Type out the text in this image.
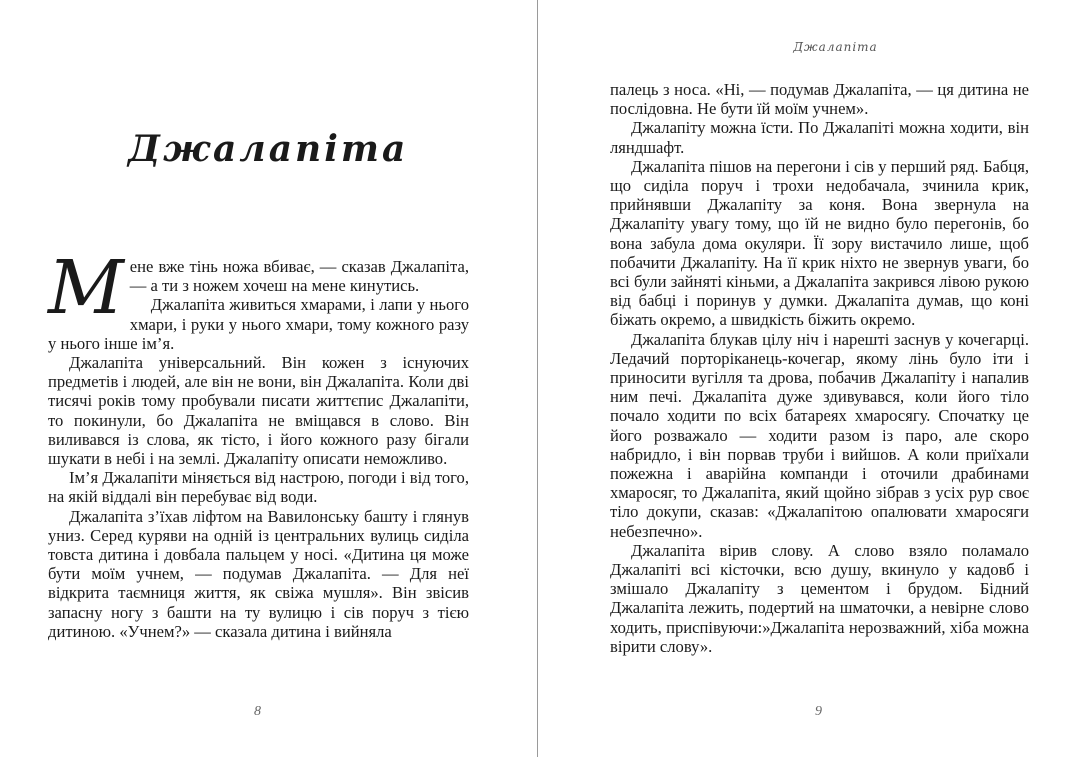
Джалапіта

Мене вже тінь ножа вбиває, — сказав Джалапіта, — а ти з ножем хочеш на мене кинутись.

Джалапіта живиться хмарами, і лапи у нього хмари, і руки у нього хмари, тому кожного разу у нього інше ім’я.

Джалапіта універсальний. Він кожен з існуючих предметів і людей, але він не вони, він Джалапіта. Коли дві тисячі років тому пробували писати життєпис Джалапіти, то покинули, бо Джалапіта не вміщався в слово. Він виливався із слова, як тісто, і його кожного разу бігали шукати в небі і на землі. Джалапіту описати неможливо.

Ім’я Джалапіти міняється від настрою, погоди і від того, на якій віддалі він перебуває від води.

Джалапіта з’їхав ліфтом на Вавилонську башту і глянув униз. Серед куряви на одній із центральних вулиць сиділа товста дитина і довбала пальцем у носі. «Дитина ця може бути моїм учнем, — подумав Джалапіта. — Для неї відкрита таємниця життя, як свіжа мушля». Він звісив запасну ногу з башти на ту вулицю і сів поруч з тією дитиною. «Учнем?» — сказала дитина і вийняла

8
Джалапіта

палець з носа. «Ні, — подумав Джалапіта, — ця дитина не послідовна. Не бути їй моїм учнем».

Джалапіту можна їсти. По Джалапіті можна ходити, він ляндшафт.

Джалапіта пішов на перегони і сів у перший ряд. Бабця, що сиділа поруч і трохи недобачала, зчинила крик, прийнявши Джалапіту за коня. Вона звернула на Джалапіту увагу тому, що їй не видно було перегонів, бо вона забула дома окуляри. Її зору вистачило лише, щоб побачити Джалапіту. На її крик ніхто не звернув уваги, бо всі були зайняті кіньми, а Джалапіта закрився лівою рукою від бабці і поринув у думки. Джалапіта думав, що коні біжать окремо, а швидкість біжить окремо.

Джалапіта блукав цілу ніч і нарешті заснув у кочегарці. Ледачий порторіканець-кочегар, якому лінь було іти і приносити вугілля та дрова, побачив Джалапіту і напалив ним печі. Джалапіта дуже здивувався, коли його тіло почало ходити по всіх батареях хмаросягу. Спочатку це його розважало — ходити разом із паро, але скоро набридло, і він порвав труби і вийшов. А коли приїхали пожежна і аварійна компанди і оточили драбинами хмаросяг, то Джалапіта, який щойно зібрав з усіх рур своє тіло докупи, сказав: «Джалапітою опалювати хмаросяги небезпечно».

Джалапіта вірив слову. А слово взяло поламало Джалапіті всі кісточки, всю душу, вкинуло у кадовб і змішало Джалапіту з цементом і брудом. Бідний Джалапіта лежить, подертий на шматочки, а невірне слово ходить, приспівуючи:»Джалапіта нерозважний, хіба можна вірити слову».

9
